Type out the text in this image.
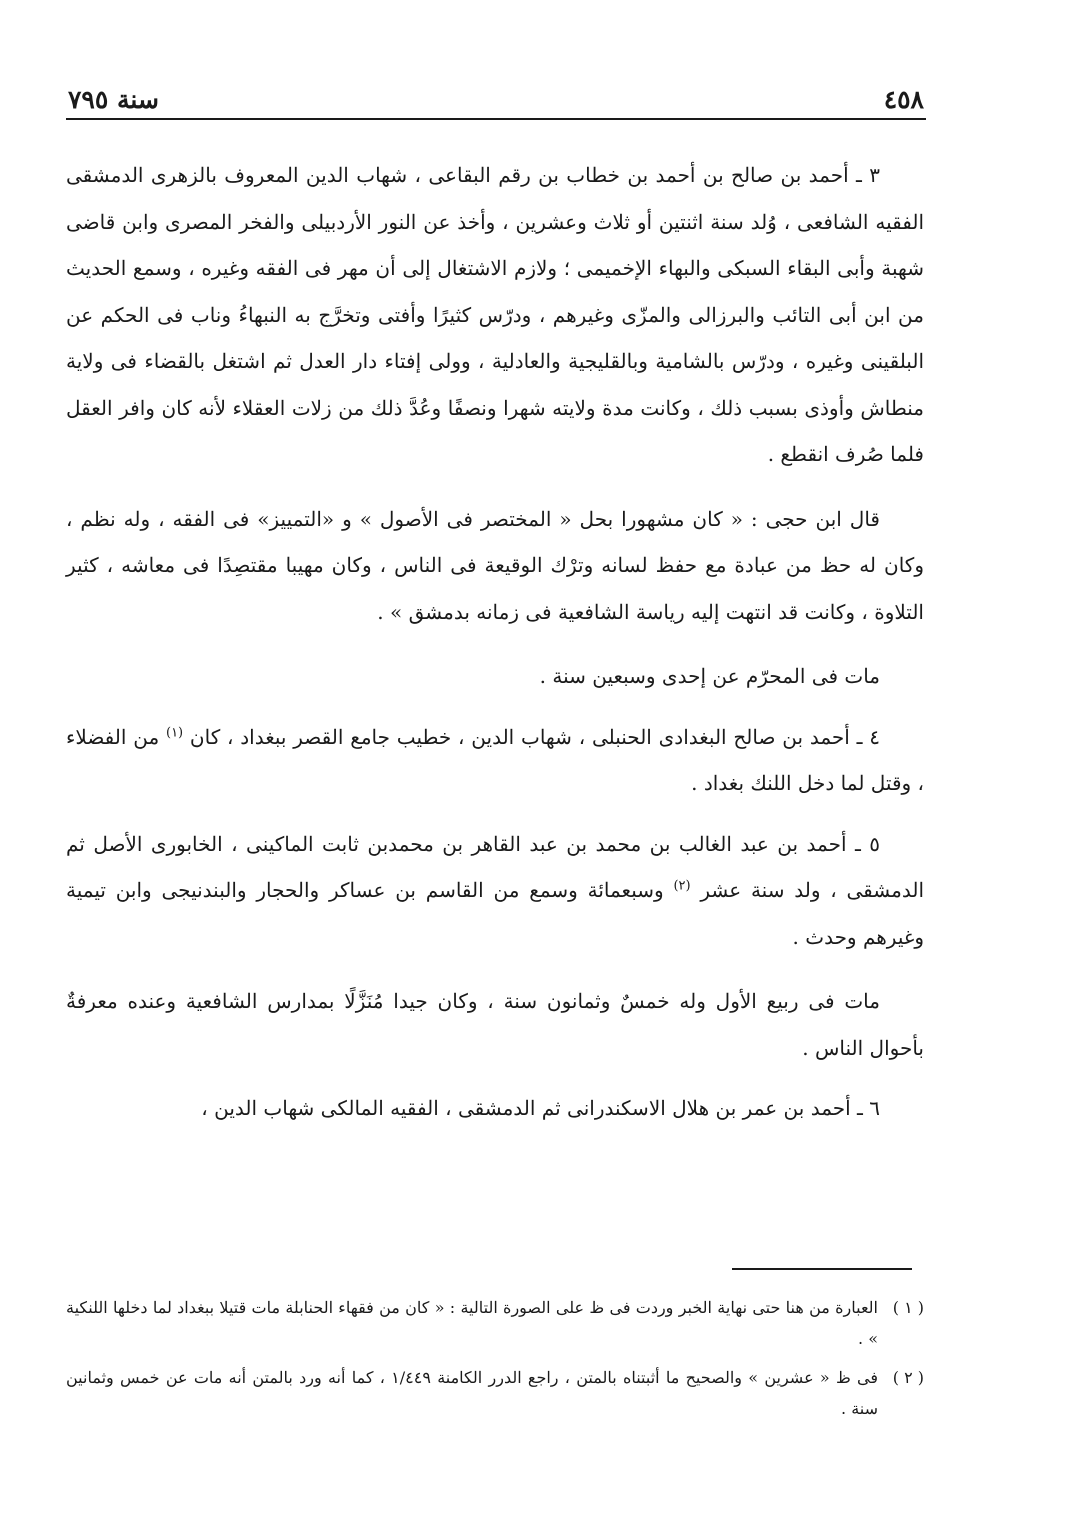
٤٥٨
سنة ٧٩٥

٣ ـ أحمد بن صالح بن أحمد بن خطاب بن رقم البقاعى ، شهاب الدين المعروف بالزهرى الدمشقى الفقيه الشافعى ، وُلد سنة اثنتين أو ثلاث وعشرين ، وأخذ عن النور الأردبيلى والفخر المصرى وابن قاضى شهبة وأبى البقاء السبكى والبهاء الإخميمى ؛ ولازم الاشتغال إلى أن مهر فى الفقه وغيره ، وسمع الحديث من ابن أبى التائب والبرزالى والمزّى وغيرهم ، ودرّس كثيرًا وأفتى وتخرَّج به النبهاءُ وناب فى الحكم عن البلقينى وغيره ، ودرّس بالشامية وبالقليجية والعادلية ، وولى إفتاء دار العدل ثم اشتغل بالقضاء فى ولاية منطاش وأوذى بسبب ذلك ، وكانت مدة ولايته شهرا ونصفًا وعُدَّ ذلك من زلات العقلاء لأنه كان وافر العقل فلما صُرف انقطع .

قال ابن حجى : « كان مشهورا بحل « المختصر فى الأصول » و «التمييز» فى الفقه ، وله نظم ، وكان له حظ من عبادة مع حفظ لسانه وترْك الوقيعة فى الناس ، وكان مهيبا مقتصِدًا فى معاشه ، كثير التلاوة ، وكانت قد انتهت إليه رياسة الشافعية فى زمانه بدمشق » .

مات فى المحرّم عن إحدى وسبعين سنة .

٤ ـ أحمد بن صالح البغدادى الحنبلى ، شهاب الدين ، خطيب جامع القصر ببغداد ، كان $^{(١)}$ من الفضلاء ، وقتل لما دخل اللنك بغداد .

٥ ـ أحمد بن عبد الغالب بن محمد بن عبد القاهر بن محمدبن ثابت الماكينى ، الخابورى الأصل ثم الدمشقى ، ولد سنة عشر $^{(٢)}$ وسبعمائة وسمع من القاسم بن عساكر والحجار والبندنيجى وابن تيمية وغيرهم وحدث .

مات فى ربيع الأول وله خمسٌ وثمانون سنة ، وكان جيدا مُنَزَّلًا بمدارس الشافعية وعنده معرفةٌ بأحوال الناس .

٦ ـ أحمد بن عمر بن هلال الاسكندرانى ثم الدمشقى ، الفقيه المالكى شهاب الدين ،

( ١ )
العبارة من هنا حتى نهاية الخبر وردت فى ظ على الصورة التالية : « كان من فقهاء الحنابلة مات قتيلا ببغداد لما دخلها اللنكية » .
( ٢ )
فى ظ « عشرين » والصحيح ما أثبتناه بالمتن ، راجع الدرر الكامنة ١/٤٤٩ ، كما أنه ورد بالمتن أنه مات عن خمس وثمانين سنة .
